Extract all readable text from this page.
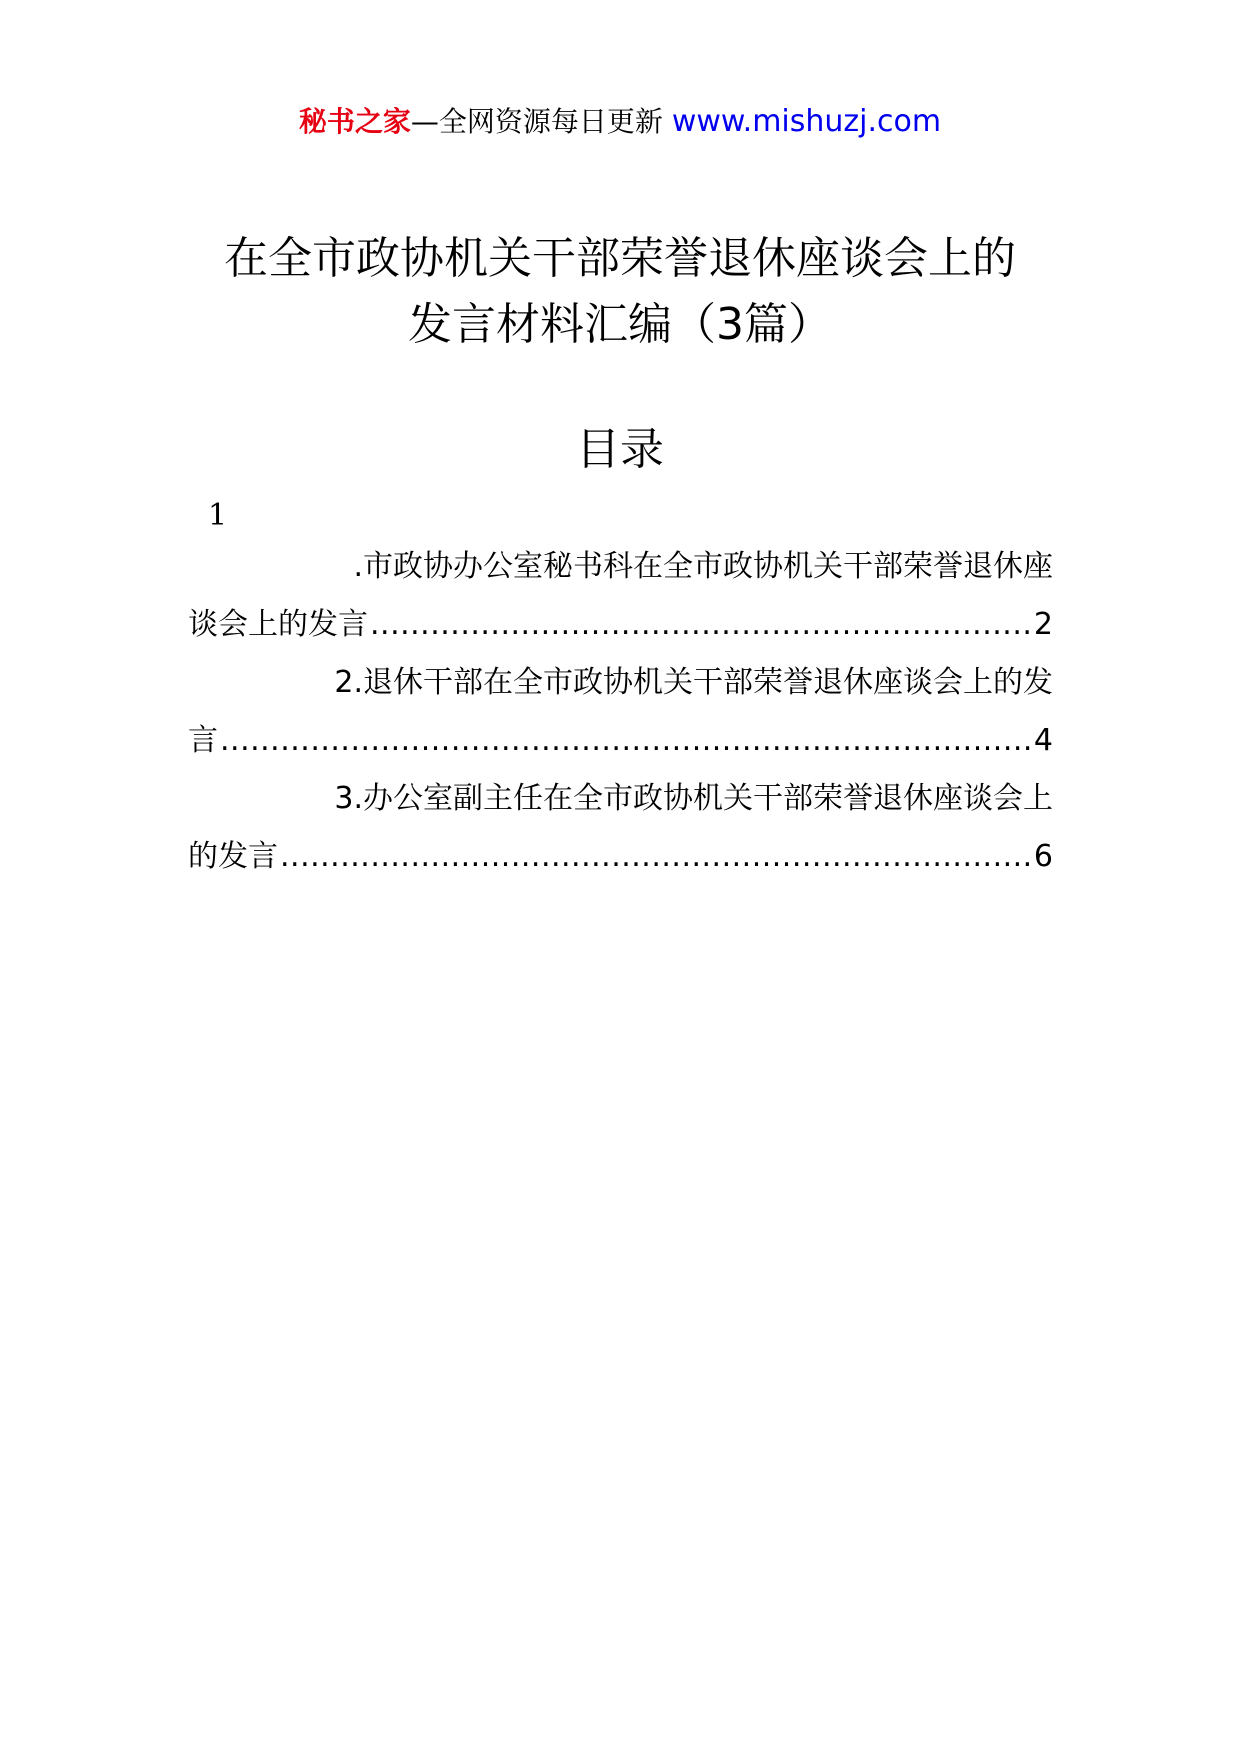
秘书之家—全网资源每日更新 www.mishuzj.com
在全市政协机关干部荣誉退休座谈会上的
发言材料汇编（3篇）
目录
1
.市政协办公室秘书科在全市政协机关干部荣誉退休座
谈会上的发言 .....	2
2.退休干部在全市政协机关干部荣誉退休座谈会上的发
言 .....	4
3.办公室副主任在全市政协机关干部荣誉退休座谈会上
的发言 .....	6
